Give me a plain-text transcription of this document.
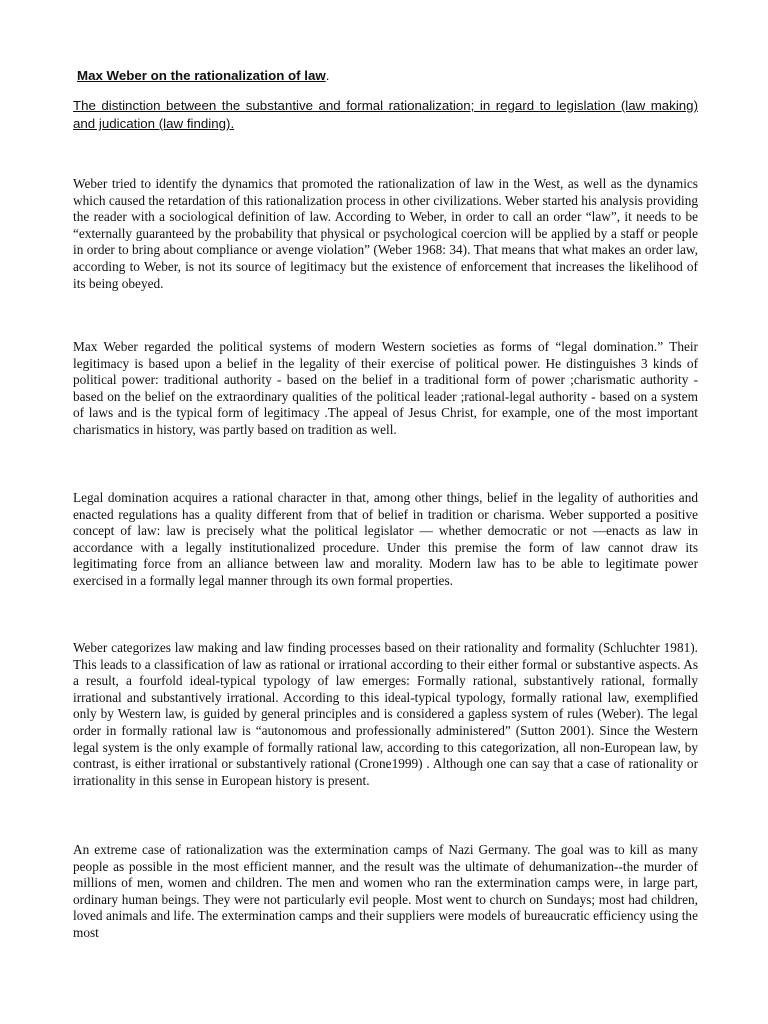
Max Weber on the rationalization of law.
The distinction between the substantive and formal rationalization; in regard to legislation (law making) and judication (law finding).

Weber tried to identify the dynamics that promoted the rationalization of law in the West, as well as the dynamics which caused the retardation of this rationalization process in other civilizations. Weber started his analysis providing the reader with a sociological definition of law. According to Weber, in order to call an order “law”, it needs to be “externally guaranteed by the probability that physical or psychological coercion will be applied by a staff or people in order to bring about compliance or avenge violation” (Weber 1968: 34). That means that what makes an order law, according to Weber, is not its source of legitimacy but the existence of enforcement that increases the likelihood of its being obeyed.

Max Weber regarded the political systems of modern Western societies as forms of “legal domination.” Their legitimacy is based upon a belief in the legality of their exercise of political power. He distinguishes 3 kinds of political power: traditional authority - based on the belief in a traditional form of power ;charismatic authority - based on the belief on the extraordinary qualities of the political leader ;rational-legal authority - based on a system of laws and is the typical form of legitimacy .The appeal of Jesus Christ, for example, one of the most important charismatics in history, was partly based on tradition as well.

Legal domination acquires a rational character in that, among other things, belief in the legality of authorities and enacted regulations has a quality different from that of belief in tradition or charisma. Weber supported a positive concept of law: law is precisely what the political legislator — whether democratic or not —enacts as law in accordance with a legally institutionalized procedure. Under this premise the form of law cannot draw its legitimating force from an alliance between law and morality. Modern law has to be able to legitimate power exercised in a formally legal manner through its own formal properties.

Weber categorizes law making and law finding processes based on their rationality and formality (Schluchter 1981). This leads to a classification of law as rational or irrational according to their either formal or substantive aspects. As a result, a fourfold ideal-typical typology of law emerges: Formally rational, substantively rational, formally irrational and substantively irrational. According to this ideal-typical typology, formally rational law, exemplified only by Western law, is guided by general principles and is considered a gapless system of rules (Weber). The legal order in formally rational law is “autonomous and professionally administered” (Sutton 2001). Since the Western legal system is the only example of formally rational law, according to this categorization, all non-European law, by contrast, is either irrational or substantively rational (Crone1999) . Although one can say that a case of rationality or irrationality in this sense in European history is present.

An extreme case of rationalization was the extermination camps of Nazi Germany. The goal was to kill as many people as possible in the most efficient manner, and the result was the ultimate of dehumanization--the murder of millions of men, women and children. The men and women who ran the extermination camps were, in large part, ordinary human beings. They were not particularly evil people. Most went to church on Sundays; most had children, loved animals and life. The extermination camps and their suppliers were models of bureaucratic efficiency using the most
